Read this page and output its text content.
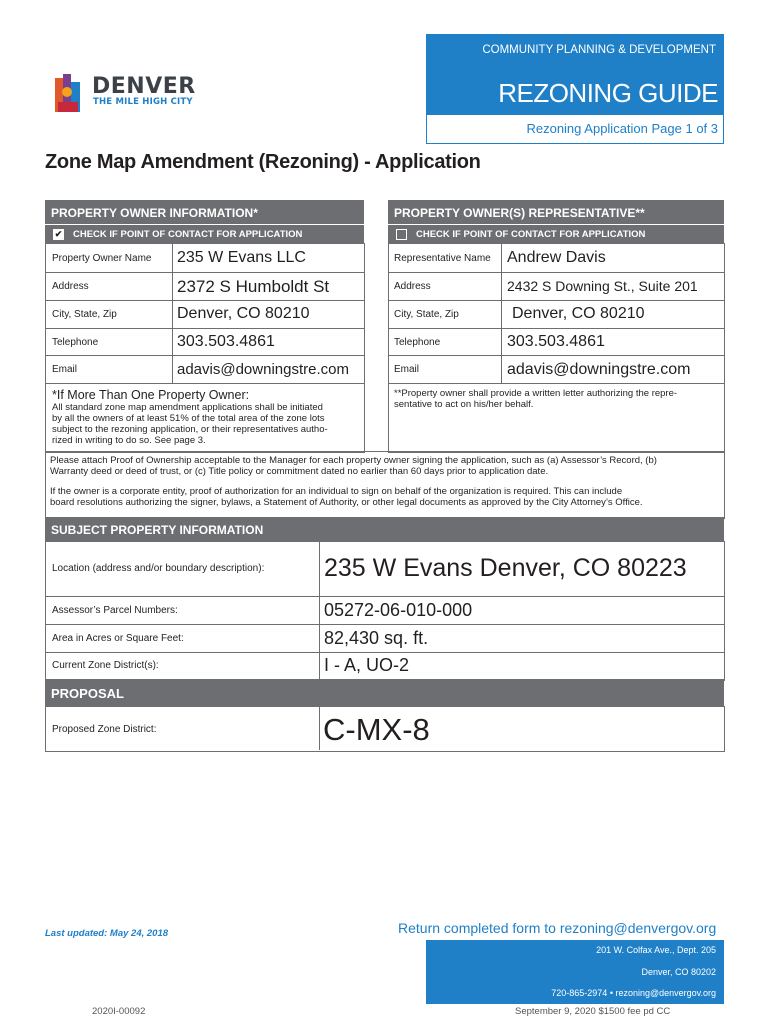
DENVER
THE MILE HIGH CITY
COMMUNITY PLANNING & DEVELOPMENT
REZONING GUIDE
Rezoning Application Page 1 of 3
Zone Map Amendment (Rezoning) - Application
PROPERTY OWNER INFORMATION*
✔ CHECK IF POINT OF CONTACT FOR APPLICATION
PROPERTY OWNER(S) REPRESENTATIVE**
CHECK IF POINT OF CONTACT FOR APPLICATION
Property Owner Name 235 W Evans LLC
Address	2372 S Humboldt St
City, State, Zip	Denver, CO 80210
Telephone	303.503.4861
Email	adavis@downingstre.com
*If More Than One Property Owner:
All standard zone map amendment applications shall be initiated
by all the owners of at least 51% of the total area of the zone lots
subject to the rezoning application, or their representatives autho-
rized in writing to do so. See page 3.
Representative Name Andrew Davis
Address	2432 S Downing St., Suite 201
City, State, Zip	Denver, CO 80210
Telephone	303.503.4861
Email	adavis@downingstre.com
**Property owner shall provide a written letter authorizing the repre-
sentative to act on his/her behalf.
Please attach Proof of Ownership acceptable to the Manager for each property owner signing the application, such as (a) Assessor’s Record, (b)
Warranty deed or deed of trust, or (c) Title policy or commitment dated no earlier than 60 days prior to application date.
If the owner is a corporate entity, proof of authorization for an individual to sign on behalf of the organization is required. This can include
board resolutions authorizing the signer, bylaws, a Statement of Authority, or other legal documents as approved by the City Attorney’s Office.
SUBJECT PROPERTY INFORMATION
Location (address and/or boundary description): 235 W Evans Denver, CO 80223
Assessor’s Parcel Numbers:	05272-06-010-000
Area in Acres or Square Feet:	82,430 sq. ft.
Current Zone District(s):	I - A, UO-2
PROPOSAL
Proposed Zone District:	C-MX-8
Last updated: May 24, 2018	Return completed form to rezoning@denvergov.org
201 W. Colfax Ave., Dept. 205
Denver, CO 80202
720-865-2974 • rezoning@denvergov.org
2020I-00092	September 9, 2020 $1500 fee pd CC
